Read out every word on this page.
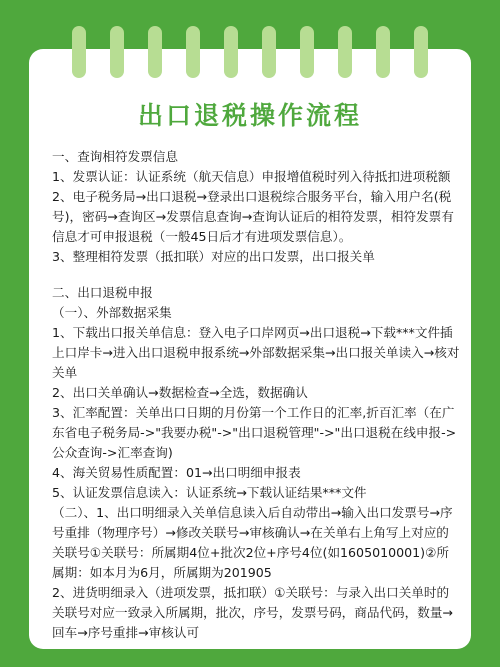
出口退税操作流程

一、查询相符发票信息

1、发票认证：认证系统（航天信息）申报增值税时列入待抵扣进项税额

2、电子税务局→出口退税→登录出口退税综合服务平台，输入用户名(税号)，密码→查询区→发票信息查询→查询认证后的相符发票，相符发票有信息才可申报退税（一般45日后才有进项发票信息）。

3、整理相符发票（抵扣联）对应的出口发票，出口报关单

二、出口退税申报

（一）、外部数据采集

1、下载出口报关单信息：登入电子口岸网页→出口退税→下载***文件插上口岸卡→进入出口退税申报系统→外部数据采集→出口报关单读入→核对关单

2、出口关单确认→数据检查→全选，数据确认

3、汇率配置：关单出口日期的月份第一个工作日的汇率,折百汇率（在广东省电子税务局->"我要办税"->"出口退税管理"->"出口退税在线申报->公众查询->汇率查询)

4、海关贸易性质配置：01→出口明细申报表

5、认证发票信息读入：认证系统→下载认证结果***文件

（二）、1、出口明细录入关单信息读入后自动带出→输入出口发票号→序号重排（物理序号）→修改关联号→审核确认→在关单右上角写上对应的关联号①关联号：所属期4位+批次2位+序号4位(如1605010001)②所属期：如本月为6月，所属期为201905

2、进货明细录入（进项发票，抵扣联）①关联号：与录入出口关单时的关联号对应一致录入所属期，批次，序号，发票号码，商品代码，数量→回车→序号重排→审核认可
